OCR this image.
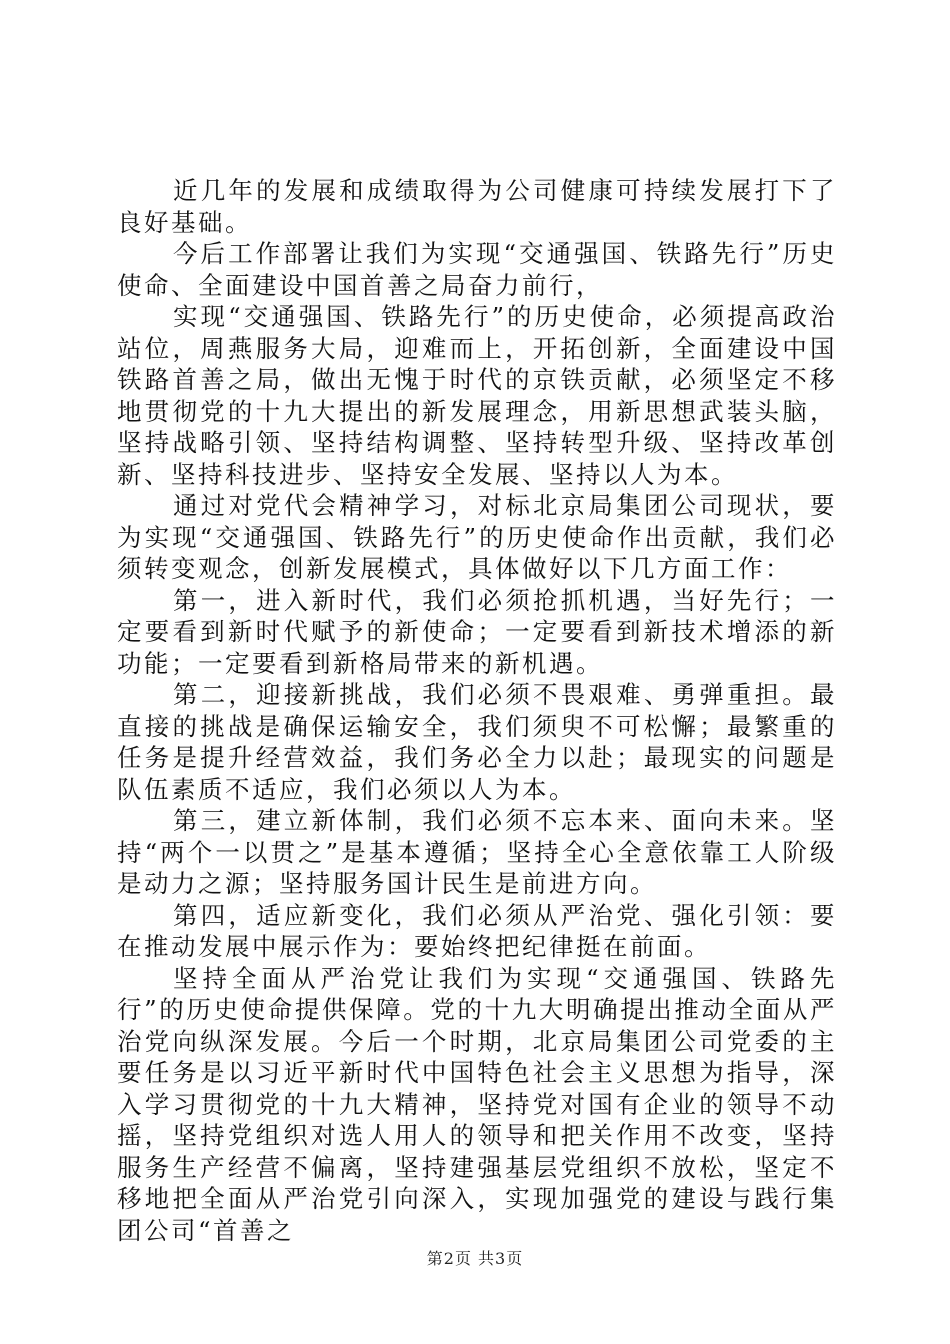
近几年的发展和成绩取得为公司健康可持续发展打下了良好基础。

今后工作部署让我们为实现“交通强国、铁路先行”历史使命、全面建设中国首善之局奋力前行，

实现“交通强国、铁路先行”的历史使命，必须提高政治站位，周燕服务大局，迎难而上，开拓创新，全面建设中国铁路首善之局，做出无愧于时代的京铁贡献，必须坚定不移地贯彻党的十九大提出的新发展理念，用新思想武装头脑，坚持战略引领、坚持结构调整、坚持转型升级、坚持改革创新、坚持科技进步、坚持安全发展、坚持以人为本。

通过对党代会精神学习，对标北京局集团公司现状，要为实现“交通强国、铁路先行”的历史使命作出贡献，我们必须转变观念，创新发展模式，具体做好以下几方面工作：

第一，进入新时代，我们必须抢抓机遇，当好先行；一定要看到新时代赋予的新使命；一定要看到新技术增添的新功能；一定要看到新格局带来的新机遇。

第二，迎接新挑战，我们必须不畏艰难、勇弹重担。最直接的挑战是确保运输安全，我们须臾不可松懈；最繁重的任务是提升经营效益，我们务必全力以赴；最现实的问题是队伍素质不适应，我们必须以人为本。

第三，建立新体制，我们必须不忘本来、面向未来。坚持“两个一以贯之”是基本遵循；坚持全心全意依靠工人阶级是动力之源；坚持服务国计民生是前进方向。

第四，适应新变化，我们必须从严治党、强化引领：要在推动发展中展示作为：要始终把纪律挺在前面。

坚持全面从严治党让我们为实现“交通强国、铁路先行”的历史使命提供保障。党的十九大明确提出推动全面从严治党向纵深发展。今后一个时期，北京局集团公司党委的主要任务是以习近平新时代中国特色社会主义思想为指导，深入学习贯彻党的十九大精神，坚持党对国有企业的领导不动摇，坚持党组织对选人用人的领导和把关作用不改变，坚持服务生产经营不偏离，坚持建强基层党组织不放松，坚定不移地把全面从严治党引向深入，实现加强党的建设与践行集团公司“首善之

第2页 共3页
